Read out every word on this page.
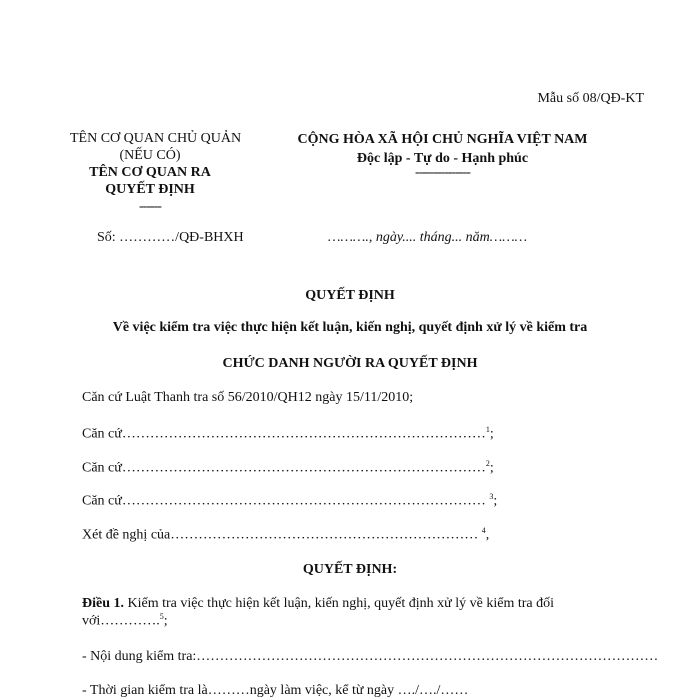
Mẫu số 08/QĐ-KT
TÊN CƠ QUAN CHỦ QUẢN
(NẾU CÓ)
TÊN CƠ QUAN RA QUYẾT ĐỊNH
------
CỘNG HÒA XÃ HỘI CHỦ NGHĨA VIỆT NAM
Độc lập - Tự do - Hạnh phúc
---------------
Số: …………/QĐ-BHXH	………., ngày.... tháng... năm………
QUYẾT ĐỊNH
Về việc kiểm tra việc thực hiện kết luận, kiến nghị, quyết định xử lý về kiểm tra
CHỨC DANH NGƯỜI RA QUYẾT ĐỊNH
Căn cứ Luật Thanh tra số 56/2010/QH12 ngày 15/11/2010;
Căn cứ……………………………………………………………………$^1$;
Căn cứ……………………………………………………………………$^2$;
Căn cứ…………………………………………………………………… $^3$;
Xét đề nghị của………………………………………………………… $^4$,
QUYẾT ĐỊNH:
Điều 1. Kiểm tra việc thực hiện kết luận, kiến nghị, quyết định xử lý về kiểm tra đối
với………….$^5$;
- Nội dung kiểm tra:………………………………………………………………………………………
- Thời gian kiểm tra là………ngày làm việc, kể từ ngày …./…./……
